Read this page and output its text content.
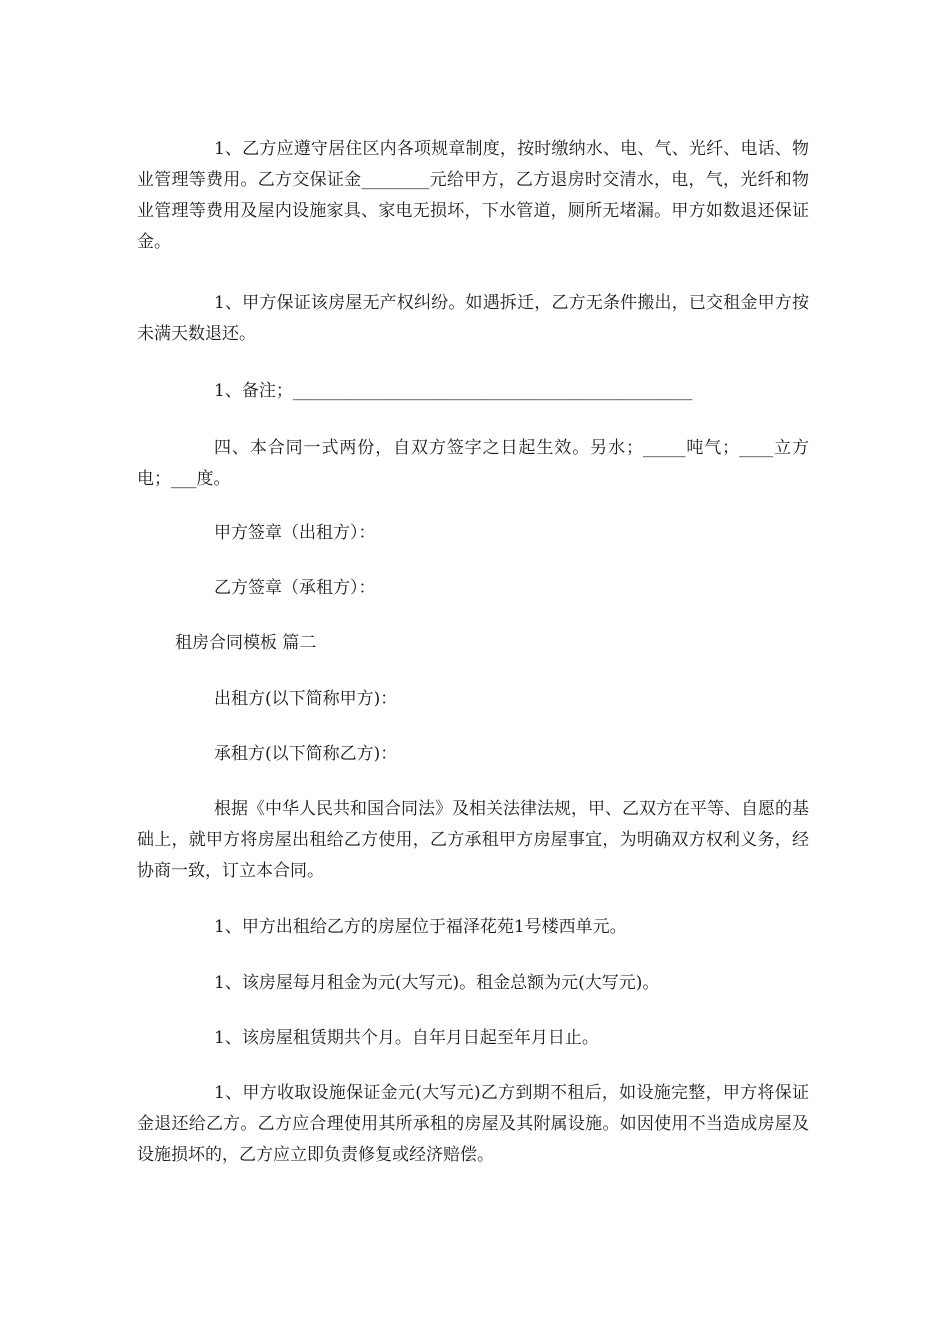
1、乙方应遵守居住区内各项规章制度，按时缴纳水、电、气、光纤、电话、物业管理等费用。乙方交保证金________元给甲方，乙方退房时交清水，电，气，光纤和物业管理等费用及屋内设施家具、家电无损坏，下水管道，厕所无堵漏。甲方如数退还保证金。

1、甲方保证该房屋无产权纠纷。如遇拆迁，乙方无条件搬出，已交租金甲方按未满天数退还。

1、备注；_______________________________________________

四、本合同一式两份，自双方签字之日起生效。另水；_____吨气；____立方电；___度。

甲方签章（出租方）：

乙方签章（承租方）：

租房合同模板 篇二

出租方(以下简称甲方)：

承租方(以下简称乙方)：

根据《中华人民共和国合同法》及相关法律法规，甲、乙双方在平等、自愿的基础上，就甲方将房屋出租给乙方使用，乙方承租甲方房屋事宜，为明确双方权利义务，经协商一致，订立本合同。

1、甲方出租给乙方的房屋位于福泽花苑1号楼西单元。

1、该房屋每月租金为元(大写元)。租金总额为元(大写元)。

1、该房屋租赁期共个月。自年月日起至年月日止。

1、甲方收取设施保证金元(大写元)乙方到期不租后，如设施完整，甲方将保证金退还给乙方。乙方应合理使用其所承租的房屋及其附属设施。如因使用不当造成房屋及设施损坏的，乙方应立即负责修复或经济赔偿。
